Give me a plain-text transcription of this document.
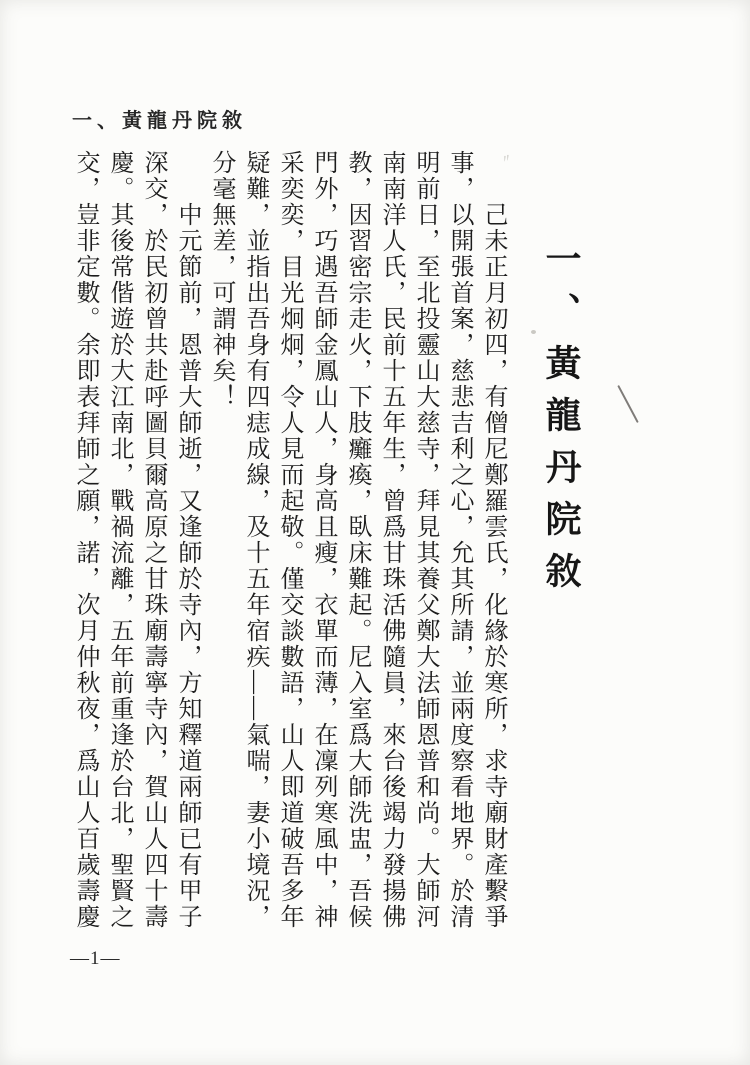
一、黃龍丹院敘
一、黃龍丹院敘

己未正月初四，有僧尼鄭羅雲氏，化緣於寒所，求寺廟財產繫爭事，以開張首案，慈悲吉利之心，允其所請，並兩度察看地界。於清明前日，至北投靈山大慈寺，拜見其養父鄭大法師恩普和尚。大師河南南洋人氏，民前十五年生，曾爲甘珠活佛隨員，來台後竭力發揚佛教，因習密宗走火，下肢癱瘓，臥床難起。尼入室爲大師洗盅，吾候門外，巧遇吾師金鳳山人，身高且瘦，衣單而薄，在凜列寒風中，神采奕奕，目光炯炯，令人見而起敬。僅交談數語，山人即道破吾多年疑難，並指出吾身有四痣成線，及十五年宿疾——氣喘，妻小境況，分毫無差，可謂神矣！

中元節前，恩普大師逝，又逢師於寺內，方知釋道兩師已有甲子深交，於民初曾共赴呼圖貝爾高原之甘珠廟壽寧寺內，賀山人四十壽慶。其後常偕遊於大江南北，戰禍流離，五年前重逢於台北，聖賢之交，豈非定數。余即表拜師之願，諾，次月仲秋夜，爲山人百歲壽慶

—1—
〃
